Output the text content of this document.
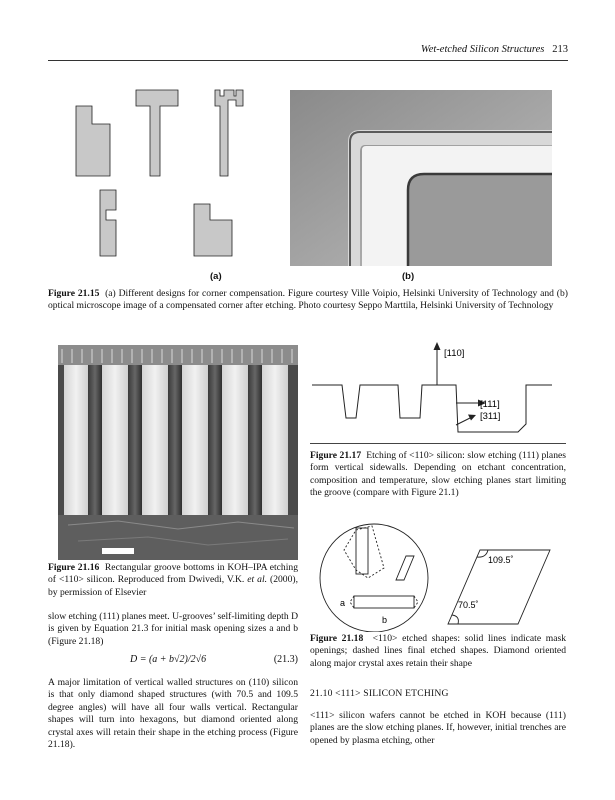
Wet-etched Silicon Structures 213
(a)	(b)
Figure 21.15 (a) Different designs for corner compensation. Figure courtesy Ville Voipio, Helsinki University of Technology and (b) optical microscope image of a compensated corner after etching. Photo courtesy Seppo Marttila, Helsinki University of Technology
Figure 21.16 Rectangular groove bottoms in KOH–IPA etching of <110> silicon. Reproduced from Dwivedi, V.K. et al. (2000), by permission of Elsevier
slow etching (111) planes meet. U-grooves’ self-limiting depth D is given by Equation 21.3 for initial mask opening sizes a and b (Figure 21.18)
D = (a + b√2)/2√6	(21.3)
A major limitation of vertical walled structures on (110) silicon is that only diamond shaped structures (with 70.5 and 109.5 degree angles) will have all four walls vertical. Rectangular shapes will turn into hexagons, but diamond oriented along crystal axes will retain their shape in the etching process (Figure 21.18).
[110]
[111]
[311]
Figure 21.17 Etching of <110> silicon: slow etching (111) planes form vertical sidewalls. Depending on etchant concentration, composition and temperature, slow etching planes start limiting the groove (compare with Figure 21.1)
a
b
109.5˚
70.5˚
Figure 21.18 <110> etched shapes: solid lines indicate mask openings; dashed lines final etched shapes. Diamond oriented along major crystal axes retain their shape
21.10 <111> SILICON ETCHING
<111> silicon wafers cannot be etched in KOH because (111) planes are the slow etching planes. If, however, initial trenches are opened by plasma etching, other
